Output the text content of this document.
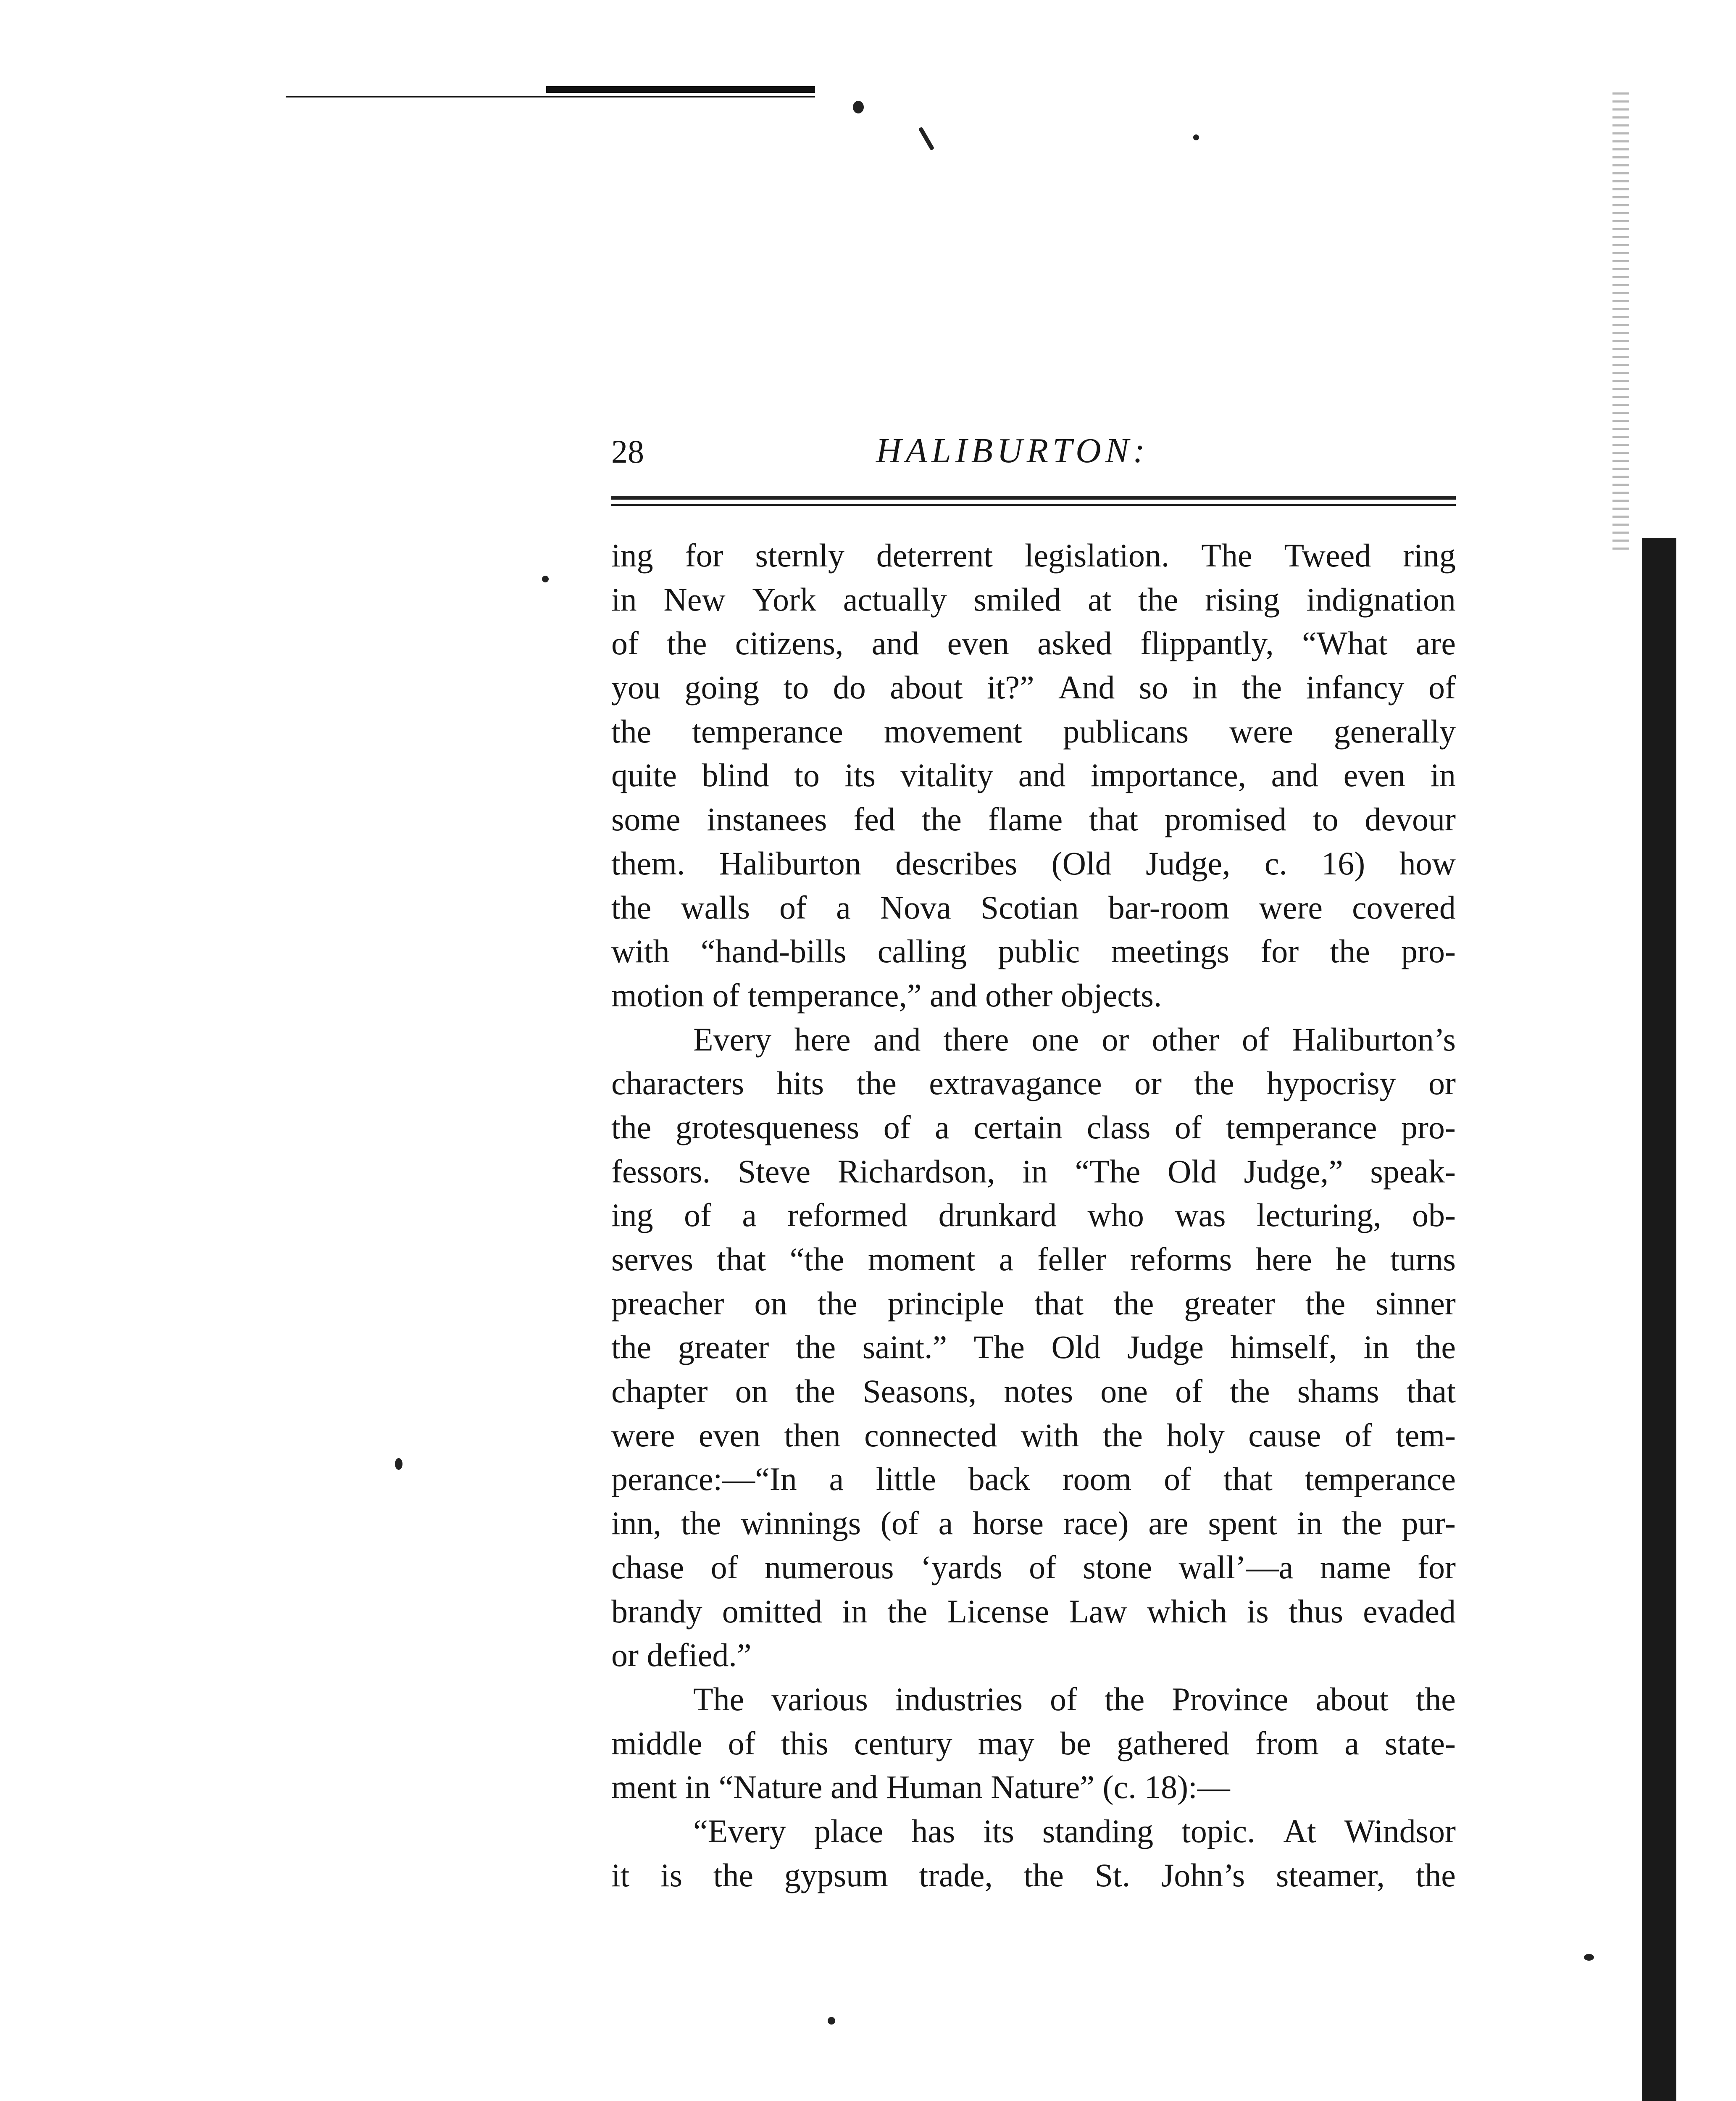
28	HALIBURTON:
ing for sternly deterrent legislation. The Tweed ring
in New York actually smiled at the rising indignation
of the citizens, and even asked flippantly, “What are
you going to do about it?” And so in the infancy of
the temperance movement publicans were generally
quite blind to its vitality and importance, and even in
some instanees fed the flame that promised to devour
them. Haliburton describes (Old Judge, c. 16) how
the walls of a Nova Scotian bar-room were covered
with “hand-bills calling public meetings for the pro-
motion of temperance,” and other objects.
Every here and there one or other of Haliburton’s
characters hits the extravagance or the hypocrisy or
the grotesqueness of a certain class of temperance pro-
fessors. Steve Richardson, in “The Old Judge,” speak-
ing of a reformed drunkard who was lecturing, ob-
serves that “the moment a feller reforms here he turns
preacher on the principle that the greater the sinner
the greater the saint.” The Old Judge himself, in the
chapter on the Seasons, notes one of the shams that
were even then connected with the holy cause of tem-
perance:—“In a little back room of that temperance
inn, the winnings (of a horse race) are spent in the pur-
chase of numerous ‘yards of stone wall’—a name for
brandy omitted in the License Law which is thus evaded
or defied.”
The various industries of the Province about the
middle of this century may be gathered from a state-
ment in “Nature and Human Nature” (c. 18):—
“Every place has its standing topic. At Windsor
it is the gypsum trade, the St. John’s steamer, the
